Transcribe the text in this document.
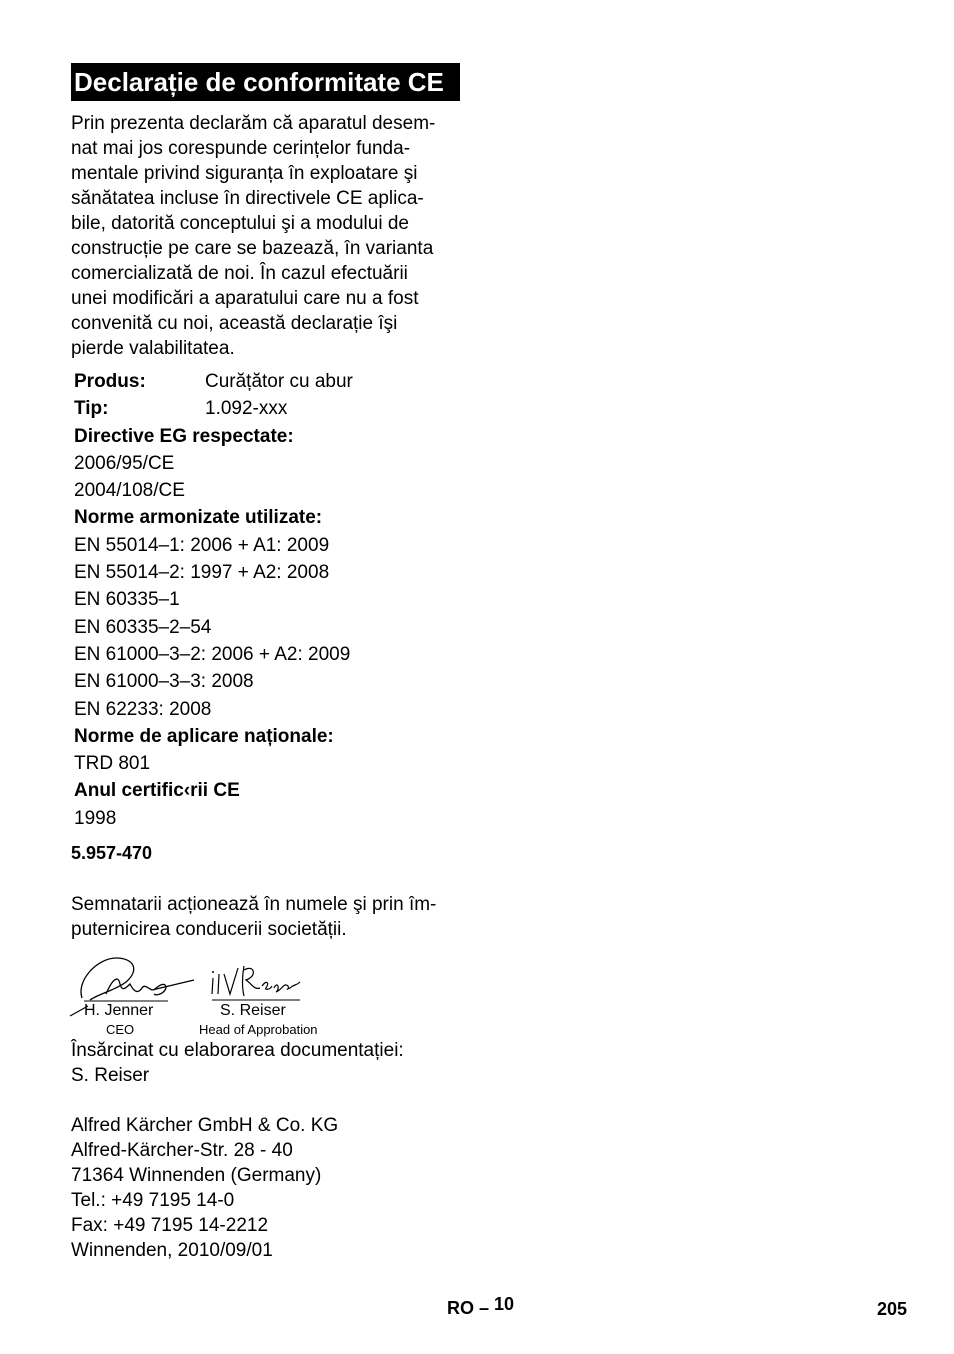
Declarație de conformitate CE
Prin prezenta declarăm că aparatul desem-
nat mai jos corespunde cerințelor funda-
mentale privind siguranța în exploatare şi
sănătatea incluse în directivele CE aplica-
bile, datorită conceptului şi a modului de
construcție pe care se bazează, în varianta
comercializată de noi. În cazul efectuării
unei modificări a aparatului care nu a fost
convenită cu noi, această declarație îşi
pierde valabilitatea.
Produs:	Curățător cu abur
Tip:	1.092-xxx
Directive EG respectate:
2006/95/CE
2004/108/CE
Norme armonizate utilizate:
EN 55014–1: 2006 + A1: 2009
EN 55014–2: 1997 + A2: 2008
EN 60335–1
EN 60335–2–54
EN 61000–3–2: 2006 + A2: 2009
EN 61000–3–3: 2008
EN 62233: 2008
Norme de aplicare naționale:
TRD 801
Anul certific‹rii CE
1998
5.957-470
Semnatarii acționează în numele şi prin îm-
puternicirea conducerii societății.
H. Jenner
CEO
S. Reiser
Head of Approbation
Însărcinat cu elaborarea documentației:
S. Reiser
Alfred Kärcher GmbH & Co. KG
Alfred-Kärcher-Str. 28 - 40
71364 Winnenden (Germany)
Tel.: +49 7195 14-0
Fax: +49 7195 14-2212
Winnenden, 2010/09/01
RO – 10	205
